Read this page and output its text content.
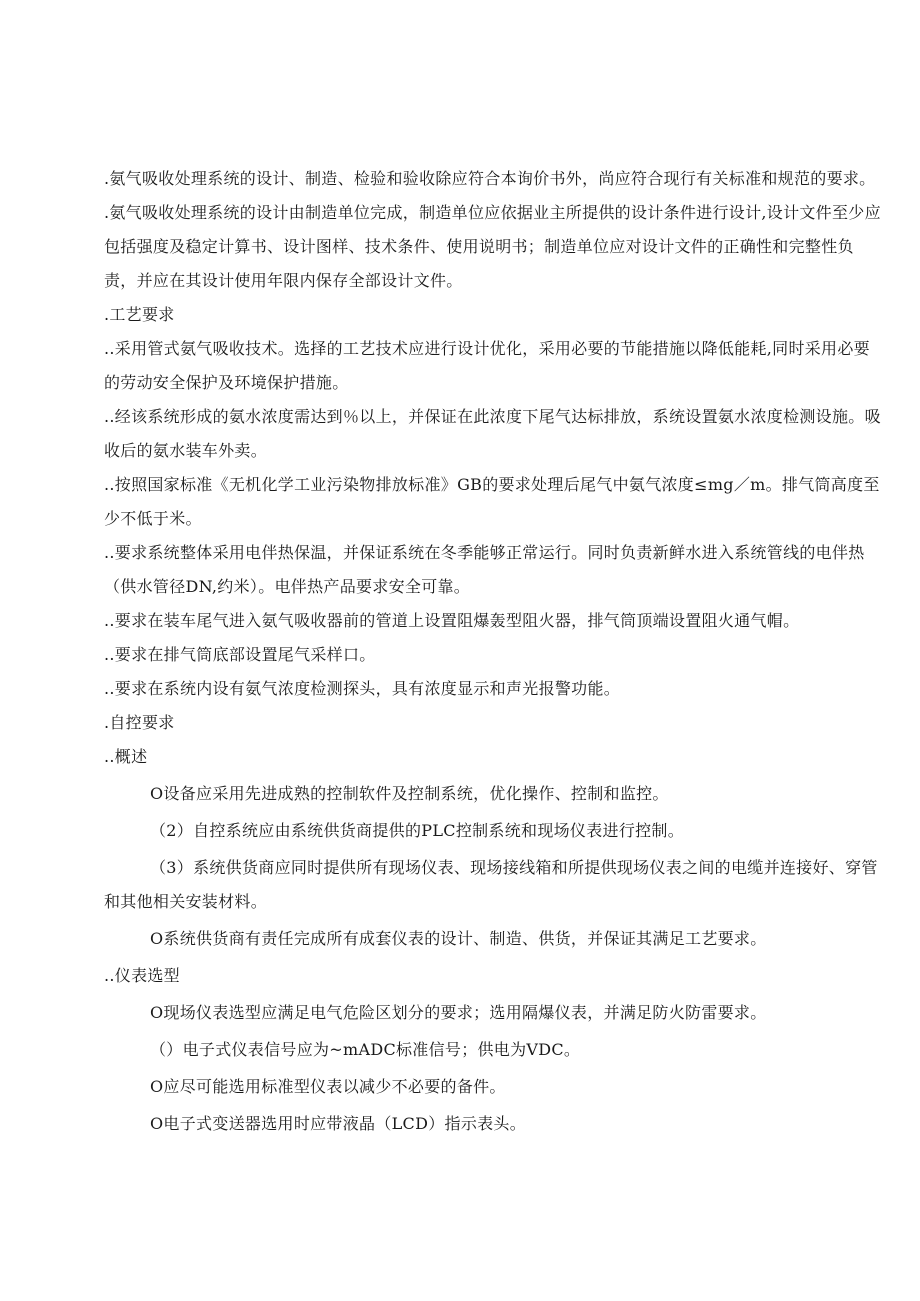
.氨气吸收处理系统的设计、制造、检验和验收除应符合本询价书外，尚应符合现行有关标准和规范的要求。

.氨气吸收处理系统的设计由制造单位完成，制造单位应依据业主所提供的设计条件进行设计,设计文件至少应包括强度及稳定计算书、设计图样、技术条件、使用说明书；制造单位应对设计文件的正确性和完整性负责，并应在其设计使用年限内保存全部设计文件。

.工艺要求

..采用管式氨气吸收技术。选择的工艺技术应进行设计优化，采用必要的节能措施以降低能耗,同时采用必要的劳动安全保护及环境保护措施。

..经该系统形成的氨水浓度需达到％以上，并保证在此浓度下尾气达标排放，系统设置氨水浓度检测设施。吸收后的氨水装车外卖。

..按照国家标准《无机化学工业污染物排放标准》GB的要求处理后尾气中氨气浓度≤mg／m。排气筒高度至少不低于米。

..要求系统整体采用电伴热保温，并保证系统在冬季能够正常运行。同时负责新鲜水进入系统管线的电伴热（供水管径DN,约米）。电伴热产品要求安全可靠。

..要求在装车尾气进入氨气吸收器前的管道上设置阻爆轰型阻火器，排气筒顶端设置阻火通气帽。

..要求在排气筒底部设置尾气采样口。

..要求在系统内设有氨气浓度检测探头，具有浓度显示和声光报警功能。

.自控要求

..概述

O设备应采用先进成熟的控制软件及控制系统，优化操作、控制和监控。

（2）自控系统应由系统供货商提供的PLC控制系统和现场仪表进行控制。

（3）系统供货商应同时提供所有现场仪表、现场接线箱和所提供现场仪表之间的电缆并连接好、穿管和其他相关安装材料。

O系统供货商有责任完成所有成套仪表的设计、制造、供货，并保证其满足工艺要求。

..仪表选型

O现场仪表选型应满足电气危险区划分的要求；选用隔爆仪表，并满足防火防雷要求。

（）电子式仪表信号应为~mADC标准信号；供电为VDC。

O应尽可能选用标准型仪表以减少不必要的备件。

O电子式变送器选用时应带液晶（LCD）指示表头。
